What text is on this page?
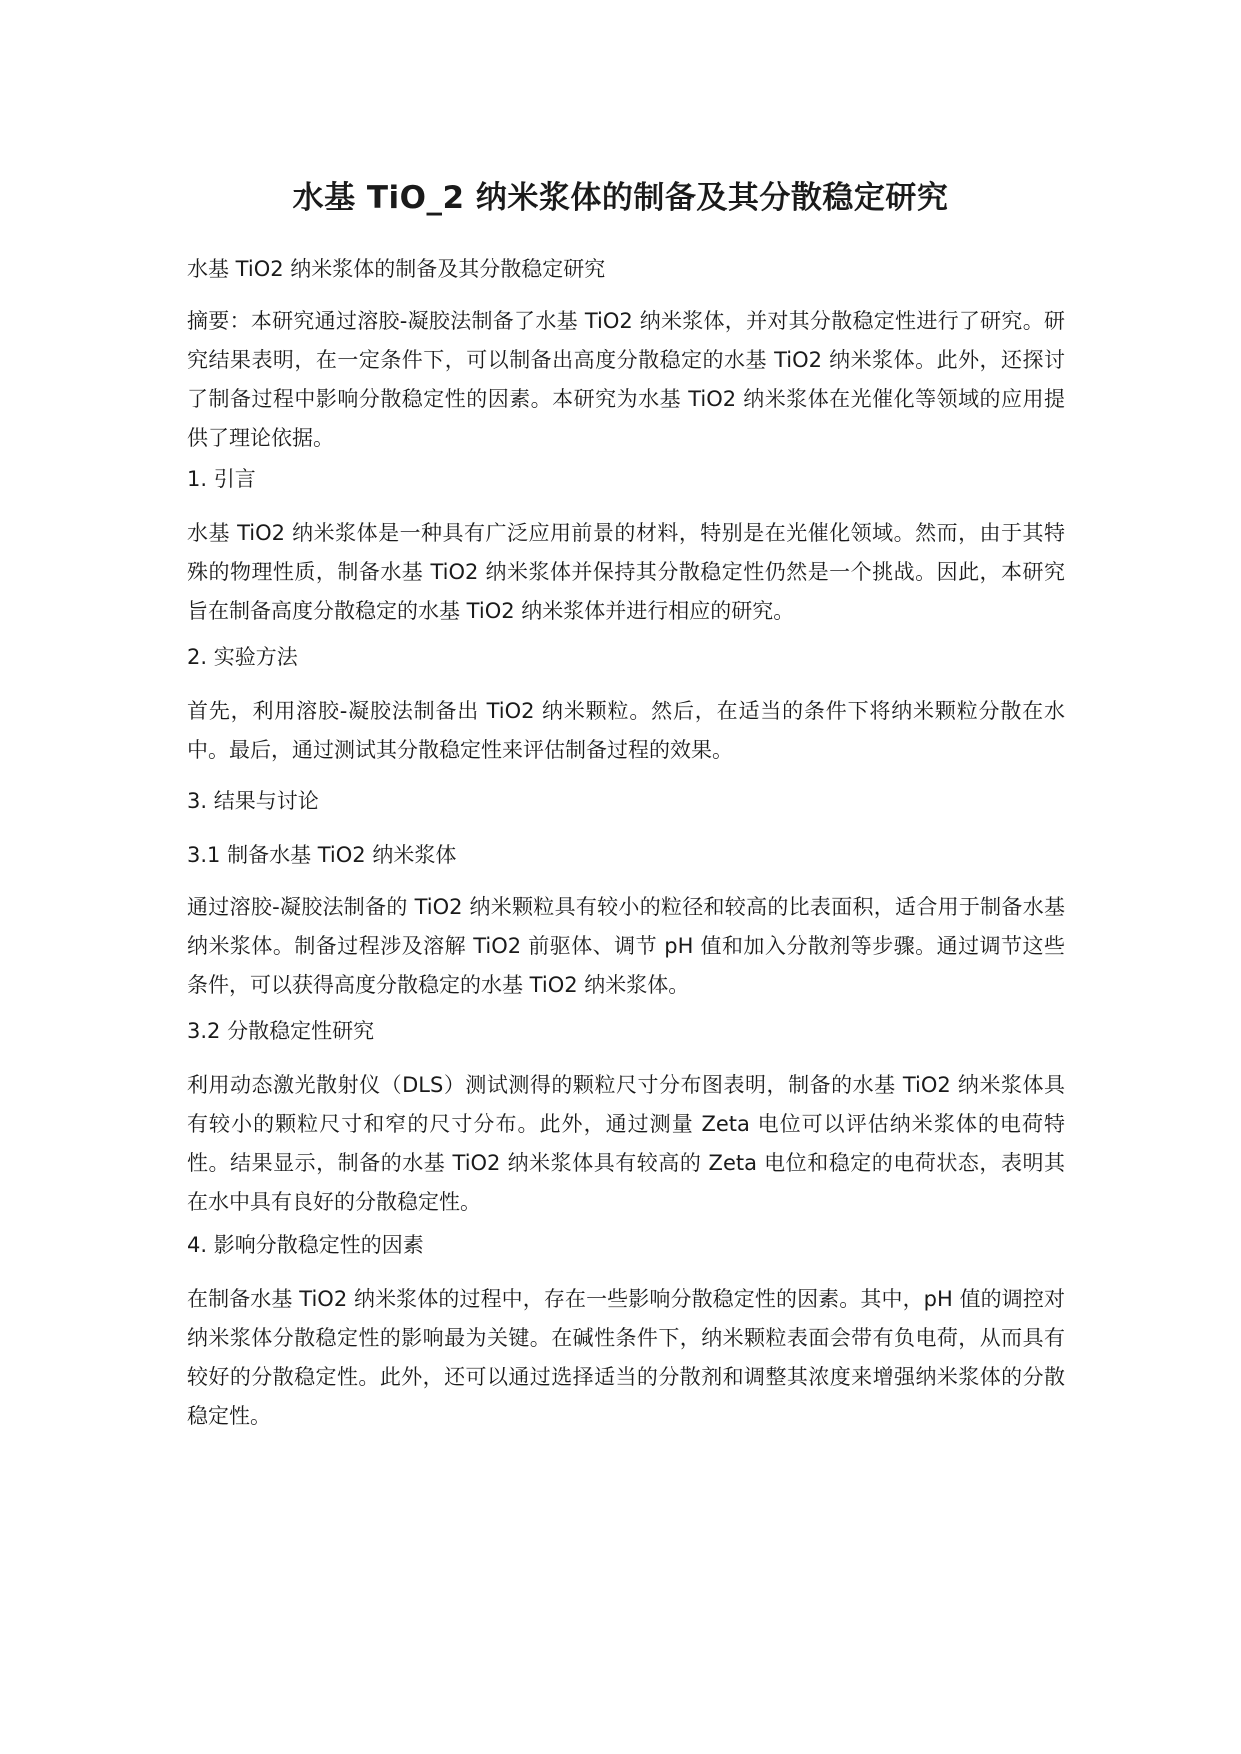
水基 TiO_2 纳米浆体的制备及其分散稳定研究

水基 TiO2 纳米浆体的制备及其分散稳定研究

摘要：本研究通过溶胶-凝胶法制备了水基 TiO2 纳米浆体，并对其分散稳定性进行了研究。研究结果表明，在一定条件下，可以制备出高度分散稳定的水基 TiO2 纳米浆体。此外，还探讨了制备过程中影响分散稳定性的因素。本研究为水基 TiO2 纳米浆体在光催化等领域的应用提供了理论依据。

1. 引言

水基 TiO2 纳米浆体是一种具有广泛应用前景的材料，特别是在光催化领域。然而，由于其特殊的物理性质，制备水基 TiO2 纳米浆体并保持其分散稳定性仍然是一个挑战。因此，本研究旨在制备高度分散稳定的水基 TiO2 纳米浆体并进行相应的研究。

2. 实验方法

首先，利用溶胶-凝胶法制备出 TiO2 纳米颗粒。然后，在适当的条件下将纳米颗粒分散在水中。最后，通过测试其分散稳定性来评估制备过程的效果。

3. 结果与讨论

3.1 制备水基 TiO2 纳米浆体

通过溶胶-凝胶法制备的 TiO2 纳米颗粒具有较小的粒径和较高的比表面积，适合用于制备水基纳米浆体。制备过程涉及溶解 TiO2 前驱体、调节 pH 值和加入分散剂等步骤。通过调节这些条件，可以获得高度分散稳定的水基 TiO2 纳米浆体。

3.2 分散稳定性研究

利用动态激光散射仪（DLS）测试测得的颗粒尺寸分布图表明，制备的水基 TiO2 纳米浆体具有较小的颗粒尺寸和窄的尺寸分布。此外，通过测量 Zeta 电位可以评估纳米浆体的电荷特性。结果显示，制备的水基 TiO2 纳米浆体具有较高的 Zeta 电位和稳定的电荷状态，表明其在水中具有良好的分散稳定性。

4. 影响分散稳定性的因素

在制备水基 TiO2 纳米浆体的过程中，存在一些影响分散稳定性的因素。其中，pH 值的调控对纳米浆体分散稳定性的影响最为关键。在碱性条件下，纳米颗粒表面会带有负电荷，从而具有较好的分散稳定性。此外，还可以通过选择适当的分散剂和调整其浓度来增强纳米浆体的分散稳定性。
